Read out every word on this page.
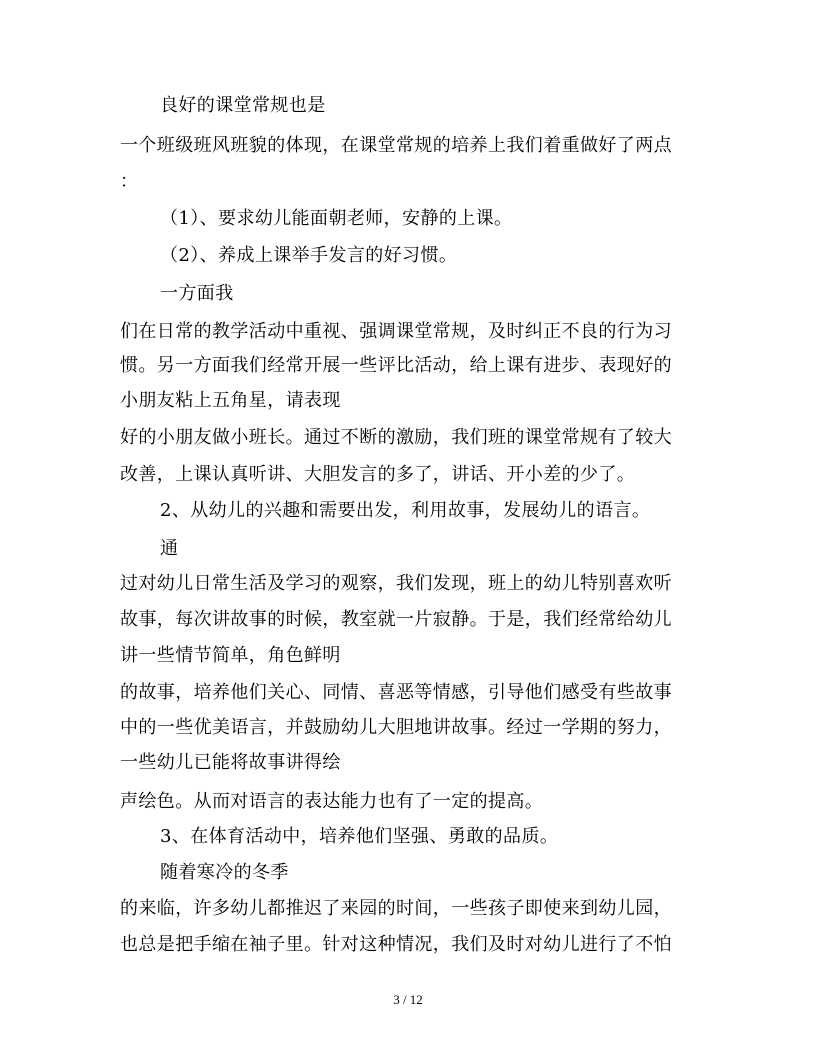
良好的课堂常规也是
一个班级班风班貌的体现，在课堂常规的培养上我们着重做好了两点
：
（1）、要求幼儿能面朝老师，安静的上课。
（2）、养成上课举手发言的好习惯。
一方面我
们在日常的教学活动中重视、强调课堂常规，及时纠正不良的行为习
惯。另一方面我们经常开展一些评比活动，给上课有进步、表现好的
小朋友粘上五角星，请表现
好的小朋友做小班长。通过不断的激励，我们班的课堂常规有了较大
改善，上课认真听讲、大胆发言的多了，讲话、开小差的少了。
2、从幼儿的兴趣和需要出发，利用故事，发展幼儿的语言。
通
过对幼儿日常生活及学习的观察，我们发现，班上的幼儿特别喜欢听
故事，每次讲故事的时候，教室就一片寂静。于是，我们经常给幼儿
讲一些情节简单，角色鲜明
的故事，培养他们关心、同情、喜恶等情感，引导他们感受有些故事
中的一些优美语言，并鼓励幼儿大胆地讲故事。经过一学期的努力，
一些幼儿已能将故事讲得绘
声绘色。从而对语言的表达能力也有了一定的提高。
3、在体育活动中，培养他们坚强、勇敢的品质。
随着寒冷的冬季
的来临，许多幼儿都推迟了来园的时间，一些孩子即使来到幼儿园，
也总是把手缩在袖子里。针对这种情况，我们及时对幼儿进行了不怕
3 / 12
